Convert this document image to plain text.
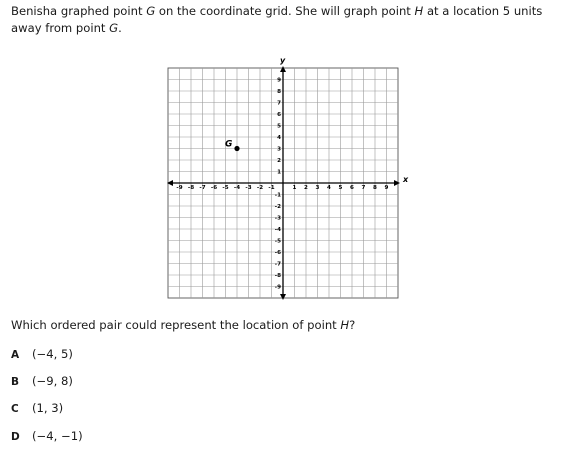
Benisha graphed point G on the coordinate grid. She will graph point H at a location 5 units away from point G.

x
y
-9 -8 -7 -6 -5 -4 -3 -2 -1	1 2 3 4 5 6 7 8 9
1
2
3
4
5
6
7
8
9
-1
-2
-3
-4
-5
-6
-7
-8
-9
G

Which ordered pair could represent the location of point H?

A (−4, 5)
B (−9, 8)
C (1, 3)
D (−4, −1)
